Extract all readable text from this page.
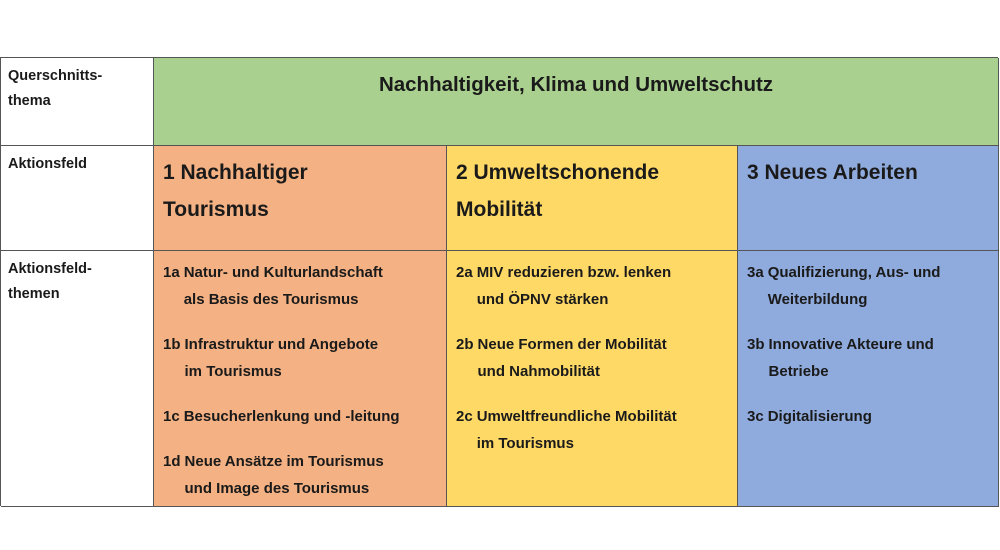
Querschnitts-
thema
Nachhaltigkeit, Klima und Umweltschutz
Aktionsfeld	1 Nachhaltiger
Tourismus
2 Umweltschonende
Mobilität
3 Neues Arbeiten
Aktionsfeld-
themen
1a Natur- und Kulturlandschaft
als Basis des Tourismus
1b Infrastruktur und Angebote
im Tourismus
1c Besucherlenkung und -leitung
1d Neue Ansätze im Tourismus
und Image des Tourismus
2a MIV reduzieren bzw. lenken
und ÖPNV stärken
2b Neue Formen der Mobilität
und Nahmobilität
2c Umweltfreundliche Mobilität
im Tourismus
3a Qualifizierung, Aus- und
Weiterbildung
3b Innovative Akteure und
Betriebe
3c Digitalisierung
